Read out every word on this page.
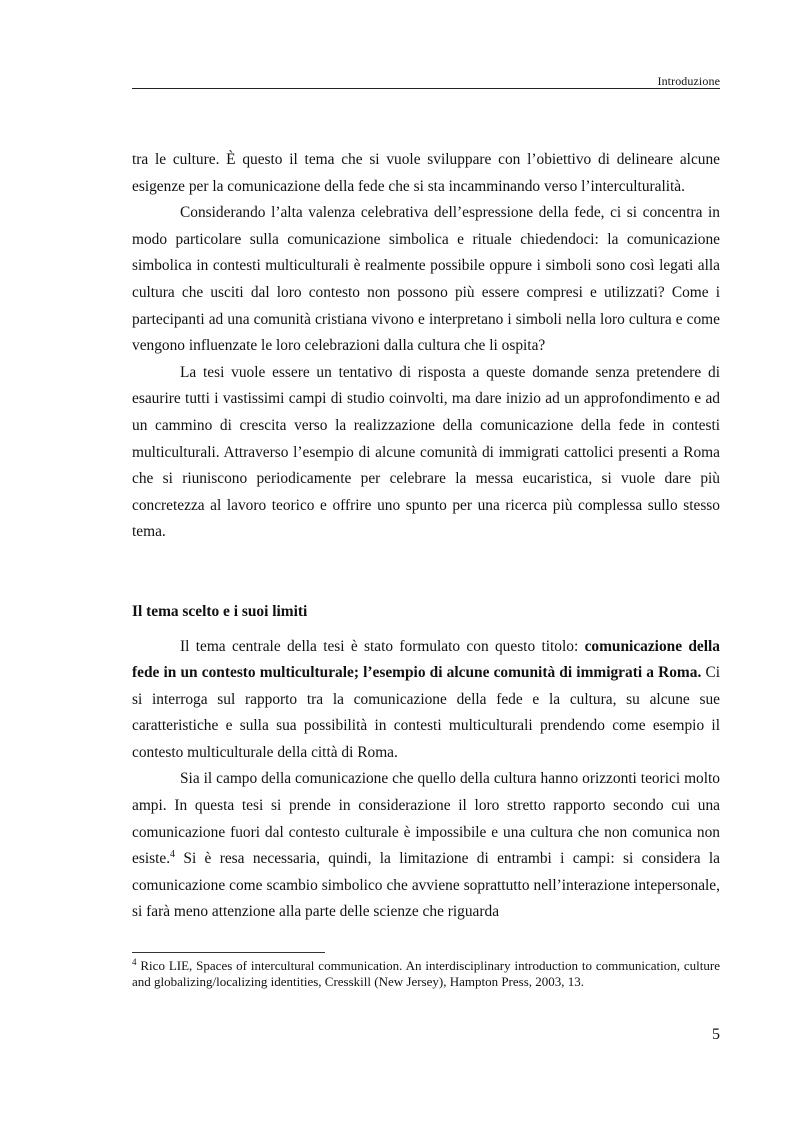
Introduzione

tra le culture. È questo il tema che si vuole sviluppare con l’obiettivo di delineare alcune esigenze per la comunicazione della fede che si sta incamminando verso l’interculturalità.

Considerando l’alta valenza celebrativa dell’espressione della fede, ci si concentra in modo particolare sulla comunicazione simbolica e rituale chiedendoci: la comunicazione simbolica in contesti multiculturali è realmente possibile oppure i simboli sono così legati alla cultura che usciti dal loro contesto non possono più essere compresi e utilizzati? Come i partecipanti ad una comunità cristiana vivono e interpretano i simboli nella loro cultura e come vengono influenzate le loro celebrazioni dalla cultura che li ospita?

La tesi vuole essere un tentativo di risposta a queste domande senza pretendere di esaurire tutti i vastissimi campi di studio coinvolti, ma dare inizio ad un approfondimento e ad un cammino di crescita verso la realizzazione della comunicazione della fede in contesti multiculturali. Attraverso l’esempio di alcune comunità di immigrati cattolici presenti a Roma che si riuniscono periodicamente per celebrare la messa eucaristica, si vuole dare più concretezza al lavoro teorico e offrire uno spunto per una ricerca più complessa sullo stesso tema.

Il tema scelto e i suoi limiti

Il tema centrale della tesi è stato formulato con questo titolo: comunicazione della fede in un contesto multiculturale; l’esempio di alcune comunità di immigrati a Roma. Ci si interroga sul rapporto tra la comunicazione della fede e la cultura, su alcune sue caratteristiche e sulla sua possibilità in contesti multiculturali prendendo come esempio il contesto multiculturale della città di Roma.

Sia il campo della comunicazione che quello della cultura hanno orizzonti teorici molto ampi. In questa tesi si prende in considerazione il loro stretto rapporto secondo cui una comunicazione fuori dal contesto culturale è impossibile e una cultura che non comunica non esiste.$^4$ Si è resa necessaria, quindi, la limitazione di entrambi i campi: si considera la comunicazione come scambio simbolico che avviene soprattutto nell’interazione intepersonale, si farà meno attenzione alla parte delle scienze che riguarda

$^4$ Rico LIE, Spaces of intercultural communication. An interdisciplinary introduction to communication, culture and globalizing/localizing identities, Cresskill (New Jersey), Hampton Press, 2003, 13.
5
